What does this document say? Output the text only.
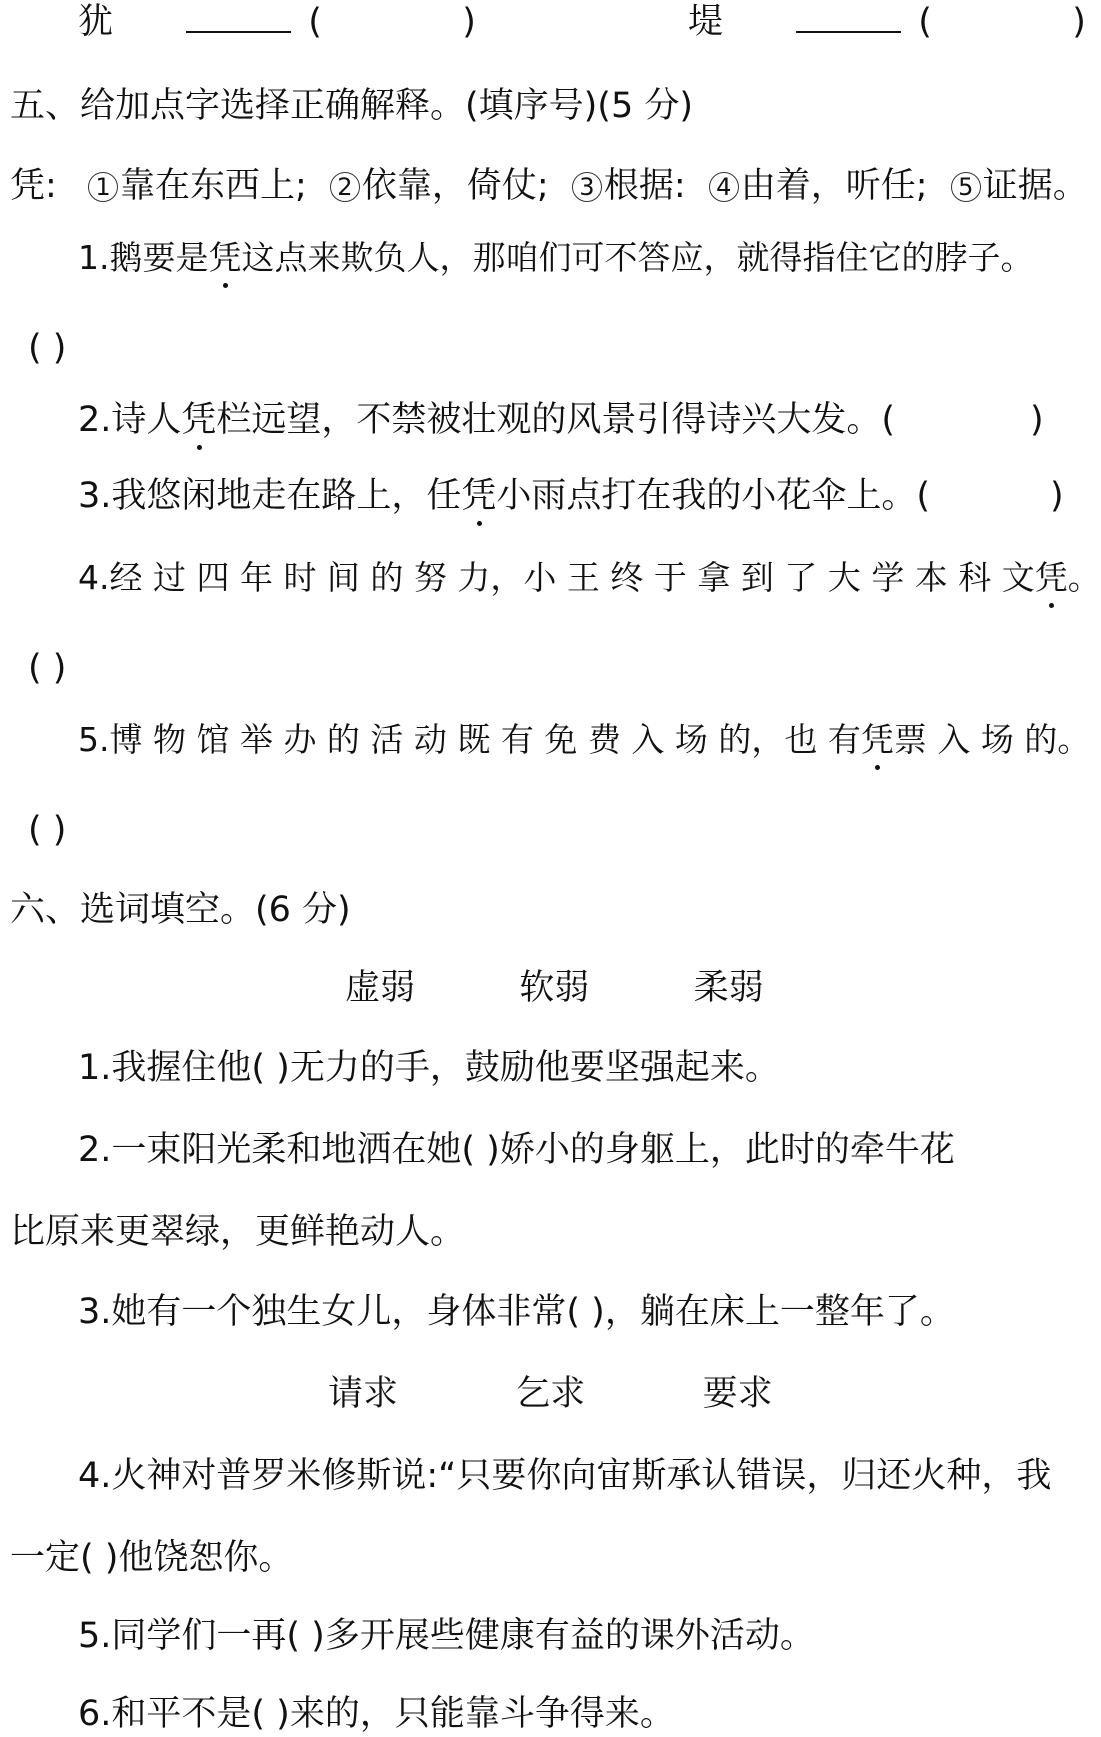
犹	(	)	堤	(	)
五、给加点字选择正确解释。(填序号)(5 分)
凭: 1 靠在东西上; 2 依靠，倚仗; 3 根据: 4 由着，听任; 5 证据。
1.鹅要是凭这点来欺负人，那咱们可不答应，就得指住它的脖子。
( )
2.诗人凭栏远望，不禁被壮观的风景引得诗兴大发。(	)
3.我悠闲地走在路上，任凭小雨点打在我的小花伞上。(	)
4.经 过 四 年 时 间 的 努 力，小 王 终 于 拿 到 了 大 学 本 科 文凭。
( )
5.博 物 馆 举 办 的 活 动 既 有 免 费 入 场 的，也 有凭票 入 场 的。
( )
六、选词填空。(6 分)
虚弱	软弱	柔弱
1.我握住他( )无力的手，鼓励他要坚强起来。
2.一束阳光柔和地洒在她( )娇小的身躯上，此时的牵牛花
比原来更翠绿，更鲜艳动人。
3.她有一个独生女儿，身体非常( )，躺在床上一整年了。
请求	乞求	要求
4.火神对普罗米修斯说:“只要你向宙斯承认错误，归还火种，我
一定( )他饶恕你。
5.同学们一再( )多开展些健康有益的课外活动。
6.和平不是( )来的，只能靠斗争得来。
